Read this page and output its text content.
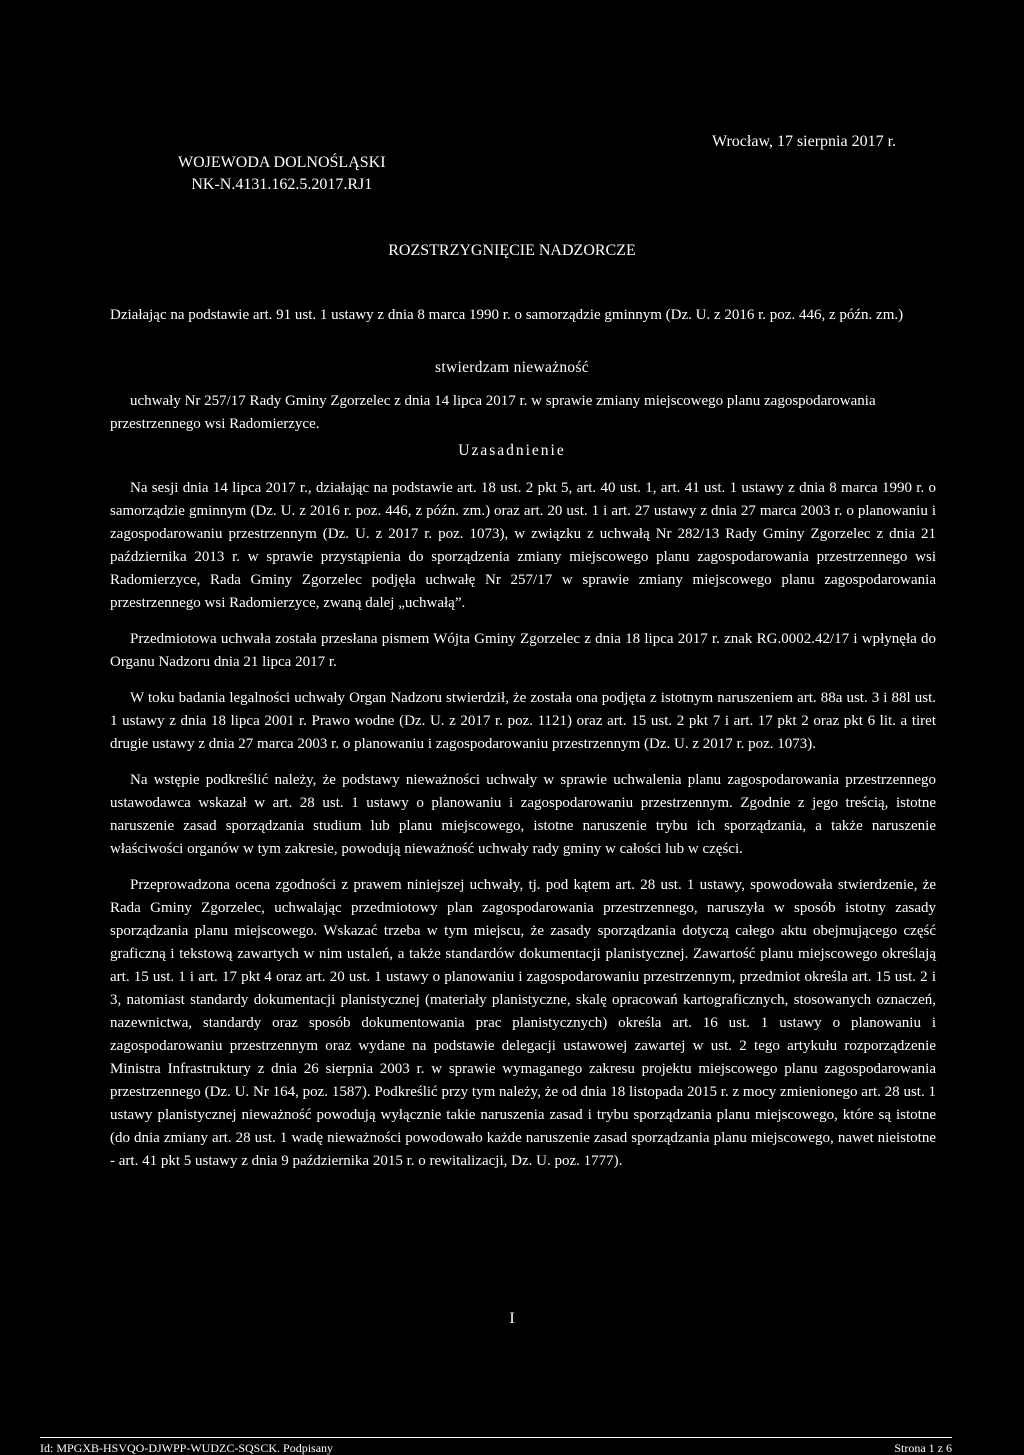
WOJEWODA DOLNOŚLĄSKI
NK-N.4131.162.5.2017.RJ1
Wrocław, 17 sierpnia 2017 r.
ROZSTRZYGNIĘCIE NADZORCZE
Działając na podstawie art. 91 ust. 1 ustawy z dnia 8 marca 1990 r. o samorządzie gminnym (Dz. U. z 2016 r. poz. 446, z późn. zm.)
stwierdzam nieważność
uchwały Nr 257/17 Rady Gminy Zgorzelec z dnia 14 lipca 2017 r. w sprawie zmiany miejscowego planu zagospodarowania przestrzennego wsi Radomierzyce.
Uzasadnienie

Na sesji dnia 14 lipca 2017 r., działając na podstawie art. 18 ust. 2 pkt 5, art. 40 ust. 1, art. 41 ust. 1 ustawy z dnia 8 marca 1990 r. o samorządzie gminnym (Dz. U. z 2016 r. poz. 446, z późn. zm.) oraz art. 20 ust. 1 i art. 27 ustawy z dnia 27 marca 2003 r. o planowaniu i zagospodarowaniu przestrzennym (Dz. U. z 2017 r. poz. 1073), w związku z uchwałą Nr 282/13 Rady Gminy Zgorzelec z dnia 21 października 2013 r. w sprawie przystąpienia do sporządzenia zmiany miejscowego planu zagospodarowania przestrzennego wsi Radomierzyce, Rada Gminy Zgorzelec podjęła uchwałę Nr 257/17 w sprawie zmiany miejscowego planu zagospodarowania przestrzennego wsi Radomierzyce, zwaną dalej „uchwałą”.

Przedmiotowa uchwała została przesłana pismem Wójta Gminy Zgorzelec z dnia 18 lipca 2017 r. znak RG.0002.42/17 i wpłynęła do Organu Nadzoru dnia 21 lipca 2017 r.

W toku badania legalności uchwały Organ Nadzoru stwierdził, że została ona podjęta z istotnym naruszeniem art. 88a ust. 3 i 88l ust. 1 ustawy z dnia 18 lipca 2001 r. Prawo wodne (Dz. U. z 2017 r. poz. 1121) oraz art. 15 ust. 2 pkt 7 i art. 17 pkt 2 oraz pkt 6 lit. a tiret drugie ustawy z dnia 27 marca 2003 r. o planowaniu i zagospodarowaniu przestrzennym (Dz. U. z 2017 r. poz. 1073).

Na wstępie podkreślić należy, że podstawy nieważności uchwały w sprawie uchwalenia planu zagospodarowania przestrzennego ustawodawca wskazał w art. 28 ust. 1 ustawy o planowaniu i zagospodarowaniu przestrzennym. Zgodnie z jego treścią, istotne naruszenie zasad sporządzania studium lub planu miejscowego, istotne naruszenie trybu ich sporządzania, a także naruszenie właściwości organów w tym zakresie, powodują nieważność uchwały rady gminy w całości lub w części.

Przeprowadzona ocena zgodności z prawem niniejszej uchwały, tj. pod kątem art. 28 ust. 1 ustawy, spowodowała stwierdzenie, że Rada Gminy Zgorzelec, uchwalając przedmiotowy plan zagospodarowania przestrzennego, naruszyła w sposób istotny zasady sporządzania planu miejscowego. Wskazać trzeba w tym miejscu, że zasady sporządzania dotyczą całego aktu obejmującego część graficzną i tekstową zawartych w nim ustaleń, a także standardów dokumentacji planistycznej. Zawartość planu miejscowego określają art. 15 ust. 1 i art. 17 pkt 4 oraz art. 20 ust. 1 ustawy o planowaniu i zagospodarowaniu przestrzennym, przedmiot określa art. 15 ust. 2 i 3, natomiast standardy dokumentacji planistycznej (materiały planistyczne, skalę opracowań kartograficznych, stosowanych oznaczeń, nazewnictwa, standardy oraz sposób dokumentowania prac planistycznych) określa art. 16 ust. 1 ustawy o planowaniu i zagospodarowaniu przestrzennym oraz wydane na podstawie delegacji ustawowej zawartej w ust. 2 tego artykułu rozporządzenie Ministra Infrastruktury z dnia 26 sierpnia 2003 r. w sprawie wymaganego zakresu projektu miejscowego planu zagospodarowania przestrzennego (Dz. U. Nr 164, poz. 1587). Podkreślić przy tym należy, że od dnia 18 listopada 2015 r. z mocy zmienionego art. 28 ust. 1 ustawy planistycznej nieważność powodują wyłącznie takie naruszenia zasad i trybu sporządzania planu miejscowego, które są istotne (do dnia zmiany art. 28 ust. 1 wadę nieważności powodowało każde naruszenie zasad sporządzania planu miejscowego, nawet nieistotne - art. 41 pkt 5 ustawy z dnia 9 października 2015 r. o rewitalizacji, Dz. U. poz. 1777).

I
Id: MPGXB-HSVQO-DJWPP-WUDZC-SQSCK. Podpisany	Strona 1 z 6
